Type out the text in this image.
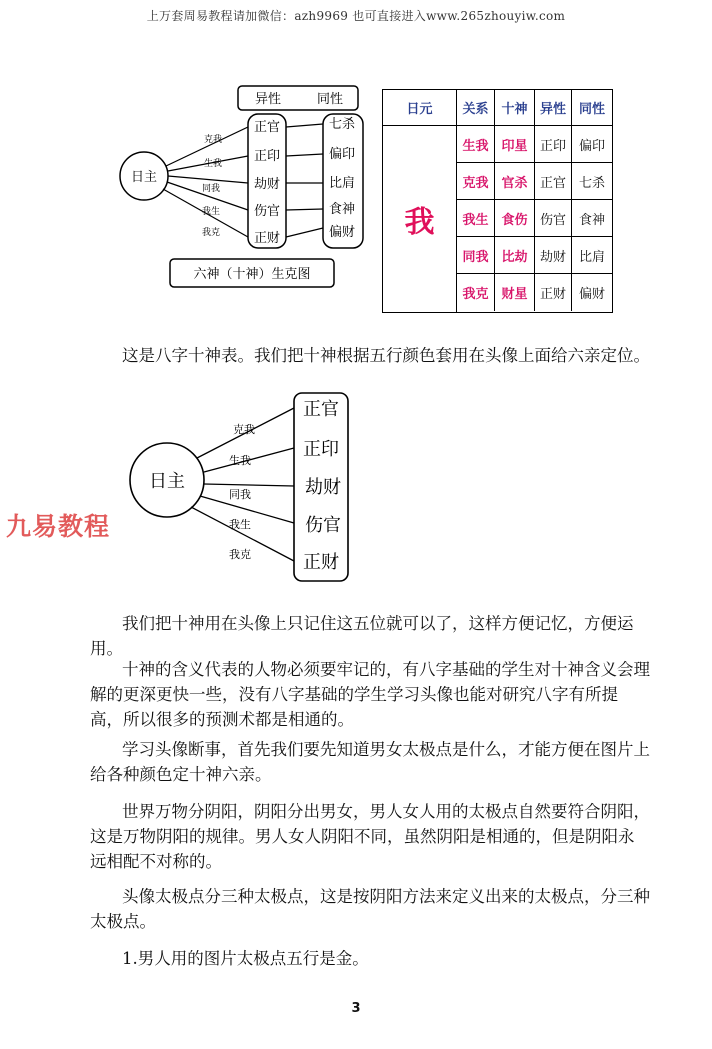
上万套周易教程请加微信：azh9969 也可直接进入www.265zhouyiw.com
异性	同性
日主
克我
生我
同我
我生
我克
正官
正印
劫财
伤官
正财
七杀
偏印
比肩
食神
偏财
六神（十神）生克图
日元	关系 十神 异性 同性
我
生我 印星 正印 偏印
克我 官杀 正官 七杀
我生 食伤 伤官 食神
同我 比劫 劫财 比肩
我克 财星 正财 偏财
这是八字十神表。我们把十神根据五行颜色套用在头像上面给六亲定位。
日主
克我
生我
同我
我生
我克
正官
正印
劫财
伤官
正财
九易教程
我们把十神用在头像上只记住这五位就可以了，这样方便记忆，方便运用。
十神的含义代表的人物必须要牢记的，有八字基础的学生对十神含义会理解的更深更快一些，没有八字基础的学生学习头像也能对研究八字有所提高，所以很多的预测术都是相通的。
学习头像断事，首先我们要先知道男女太极点是什么，才能方便在图片上给各种颜色定十神六亲。
世界万物分阴阳，阴阳分出男女，男人女人用的太极点自然要符合阴阳，这是万物阴阳的规律。男人女人阴阳不同，虽然阴阳是相通的，但是阴阳永远相配不对称的。
头像太极点分三种太极点，这是按阴阳方法来定义出来的太极点，分三种太极点。
1.男人用的图片太极点五行是金。
3
